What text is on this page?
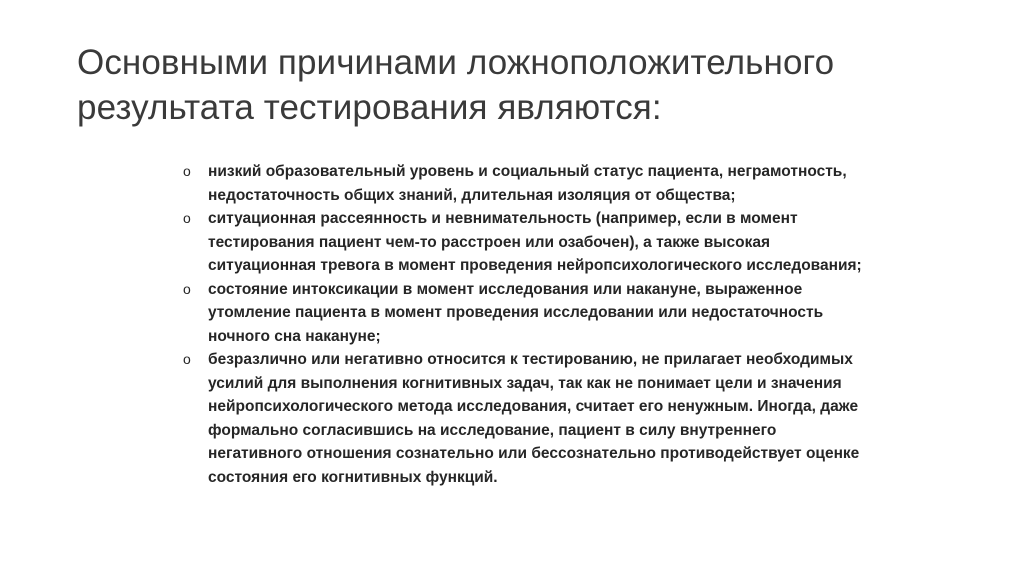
Основными причинами ложноположительного результата тестирования являются:
o низкий образовательный уровень и социальный статус пациента, неграмотность, недостаточность общих знаний, длительная изоляция от общества;
o ситуационная рассеянность и невнимательность (например, если в момент тестирования пациент чем-то расстроен или озабочен), а также высокая ситуационная тревога в момент проведения нейропсихологического исследования;
o состояние интоксикации в момент исследования или накануне, выраженное утомление пациента в момент проведения исследовании или недостаточность ночного сна накануне;
o безразлично или негативно относится к тестированию, не прилагает необходимых усилий для выполнения когнитивных задач, так как не понимает цели и значения нейропсихологического метода исследования, считает его ненужным. Иногда, даже формально согласившись на исследование, пациент в силу внутреннего негативного отношения сознательно или бессознательно противодействует оценке состояния его когнитивных функций.
